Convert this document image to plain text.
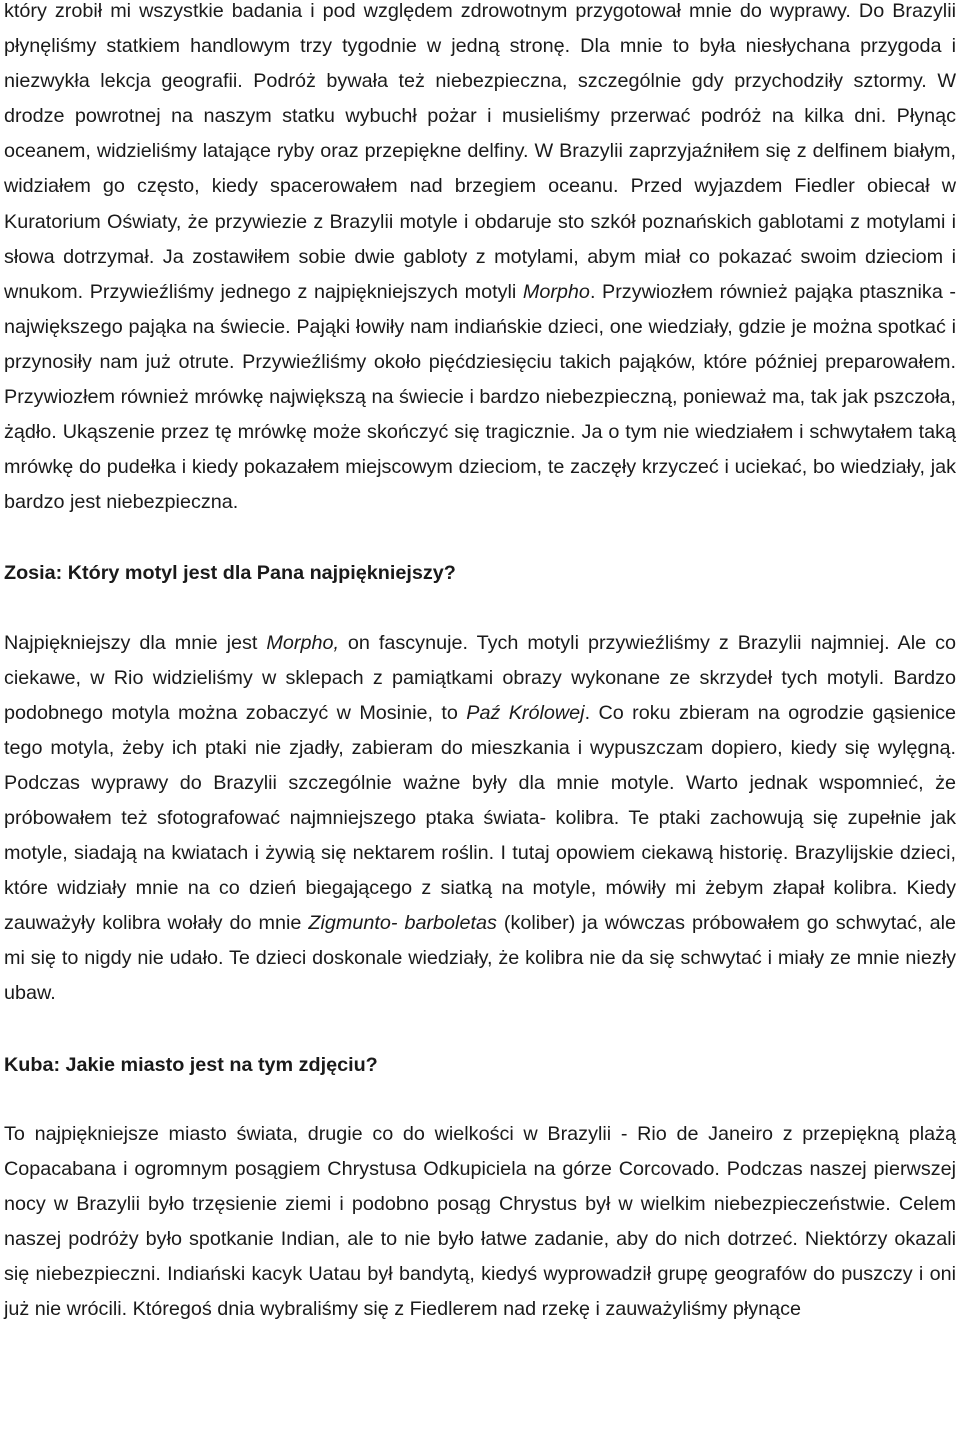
który zrobił mi wszystkie badania i pod względem zdrowotnym przygotował mnie do wyprawy. Do Brazylii płynęliśmy statkiem handlowym trzy tygodnie w jedną stronę. Dla mnie to była niesłychana przygoda i niezwykła lekcja geografii. Podróż bywała też niebezpieczna, szczególnie gdy przychodziły sztormy. W drodze powrotnej na naszym statku wybuchł pożar i musieliśmy przerwać podróż na kilka dni. Płynąc oceanem, widzieliśmy latające ryby oraz przepiękne delfiny. W Brazylii zaprzyjaźniłem się z delfinem białym, widziałem go często, kiedy spacerowałem nad brzegiem oceanu. Przed wyjazdem Fiedler obiecał w Kuratorium Oświaty, że przywiezie z Brazylii motyle i obdaruje sto szkół poznańskich gablotami z motylami i słowa dotrzymał. Ja zostawiłem sobie dwie gabloty z motylami, abym miał co pokazać swoim dzieciom i wnukom. Przywieźliśmy jednego z najpiękniejszych motyli Morpho. Przywiozłem również pająka ptasznika - największego pająka na świecie. Pająki łowiły nam indiańskie dzieci, one wiedziały, gdzie je można spotkać i przynosiły nam już otrute. Przywieźliśmy około pięćdziesięciu takich pająków, które później preparowałem. Przywiozłem również mrówkę największą na świecie i bardzo niebezpieczną, ponieważ ma, tak jak pszczoła, żądło. Ukąszenie przez tę mrówkę może skończyć się tragicznie. Ja o tym nie wiedziałem i schwytałem taką mrówkę do pudełka i kiedy pokazałem miejscowym dzieciom, te zaczęły krzyczeć i uciekać, bo wiedziały, jak bardzo jest niebezpieczna.

Zosia: Który motyl jest dla Pana najpiękniejszy?

Najpiękniejszy dla mnie jest Morpho, on fascynuje. Tych motyli przywieźliśmy z Brazylii najmniej. Ale co ciekawe, w Rio widzieliśmy w sklepach z pamiątkami obrazy wykonane ze skrzydeł tych motyli. Bardzo podobnego motyla można zobaczyć w Mosinie, to Paź Królowej. Co roku zbieram na ogrodzie gąsienice tego motyla, żeby ich ptaki nie zjadły, zabieram do mieszkania i wypuszczam dopiero, kiedy się wylęgną. Podczas wyprawy do Brazylii szczególnie ważne były dla mnie motyle. Warto jednak wspomnieć, że próbowałem też sfotografować najmniejszego ptaka świata- kolibra. Te ptaki zachowują się zupełnie jak motyle, siadają na kwiatach i żywią się nektarem roślin. I tutaj opowiem ciekawą historię. Brazylijskie dzieci, które widziały mnie na co dzień biegającego z siatką na motyle, mówiły mi żebym złapał kolibra. Kiedy zauważyły kolibra wołały do mnie Zigmunto- barboletas (koliber) ja wówczas próbowałem go schwytać, ale mi się to nigdy nie udało. Te dzieci doskonale wiedziały, że kolibra nie da się schwytać i miały ze mnie niezły ubaw.

Kuba: Jakie miasto jest na tym zdjęciu?

To najpiękniejsze miasto świata, drugie co do wielkości w Brazylii - Rio de Janeiro z przepiękną plażą Copacabana i ogromnym posągiem Chrystusa Odkupiciela na górze Corcovado. Podczas naszej pierwszej nocy w Brazylii było trzęsienie ziemi i podobno posąg Chrystus był w wielkim niebezpieczeństwie. Celem naszej podróży było spotkanie Indian, ale to nie było łatwe zadanie, aby do nich dotrzeć. Niektórzy okazali się niebezpieczni. Indiański kacyk Uatau był bandytą, kiedyś wyprowadził grupę geografów do puszczy i oni już nie wrócili. Któregoś dnia wybraliśmy się z Fiedlerem nad rzekę i zauważyliśmy płynące
